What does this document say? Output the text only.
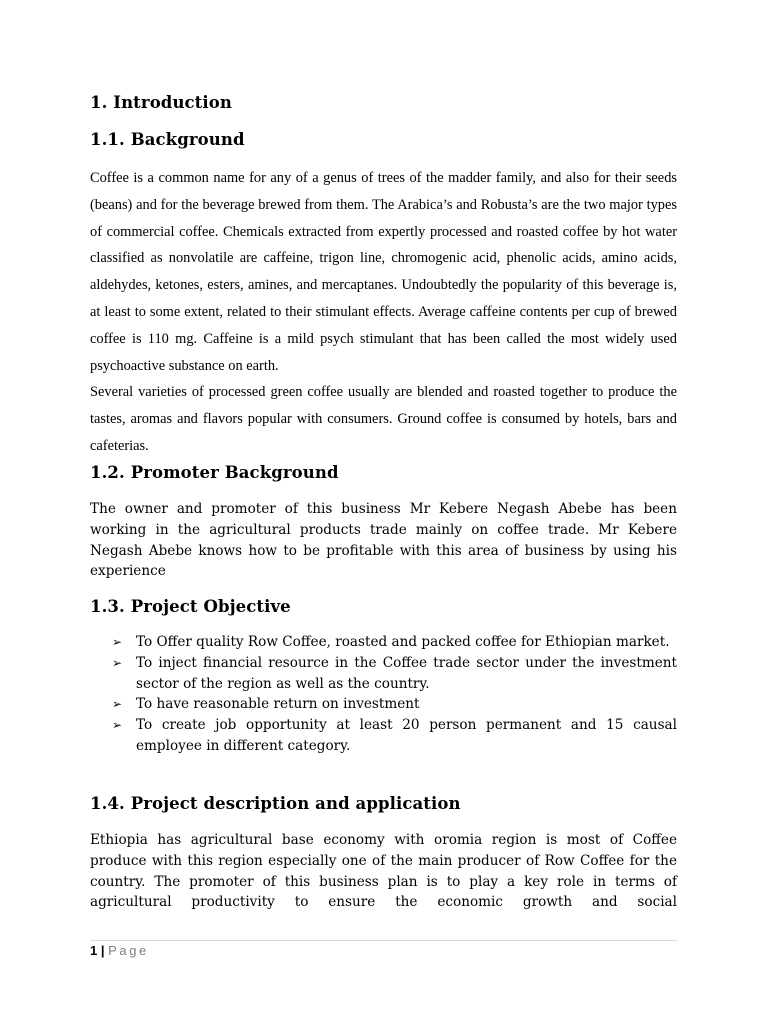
1. Introduction
1.1. Background

Coffee is a common name for any of a genus of trees of the madder family, and also for their seeds (beans) and for the beverage brewed from them. The Arabica’s and Robusta’s are the two major types of commercial coffee. Chemicals extracted from expertly processed and roasted coffee by hot water classified as nonvolatile are caffeine, trigon line, chromogenic acid, phenolic acids, amino acids, aldehydes, ketones, esters, amines, and mercaptanes. Undoubtedly the popularity of this beverage is, at least to some extent, related to their stimulant effects. Average caffeine contents per cup of brewed coffee is 110 mg. Caffeine is a mild psych stimulant that has been called the most widely used psychoactive substance on earth.

Several varieties of processed green coffee usually are blended and roasted together to produce the tastes, aromas and flavors popular with consumers. Ground coffee is consumed by hotels, bars and cafeterias.

1.2. Promoter Background

The owner and promoter of this business Mr Kebere Negash Abebe has been working in the agricultural products trade mainly on coffee trade. Mr Kebere Negash Abebe knows how to be profitable with this area of business by using his experience

1.3. Project Objective
➢ To Offer quality Row Coffee, roasted and packed coffee for Ethiopian market.
➢ To inject financial resource in the Coffee trade sector under the investment sector of the region as well as the country.
➢ To have reasonable return on investment
➢ To create job opportunity at least 20 person permanent and 15 causal employee in different category.
1.4. Project description and application

Ethiopia has agricultural base economy with oromia region is most of Coffee produce with this region especially one of the main producer of Row Coffee for the country. The promoter of this business plan is to play a key role in terms of agricultural productivity to ensure the economic growth and social

1 | Page
